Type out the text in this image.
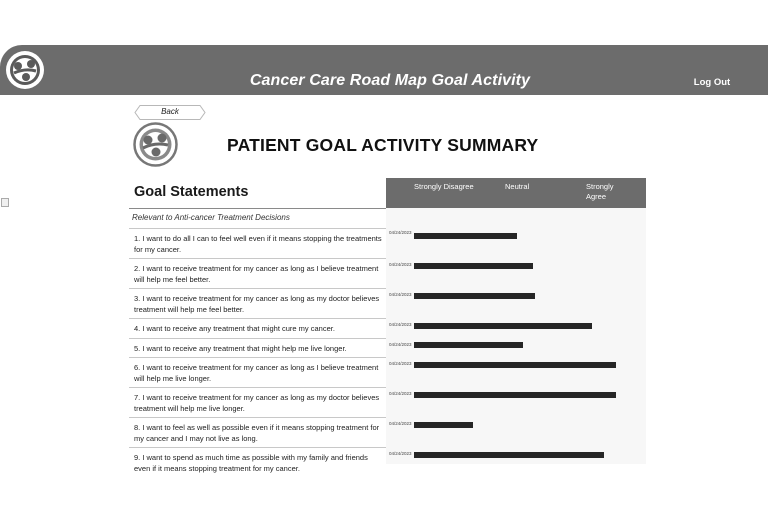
Cancer Care Road Map Goal Activity	Log Out
Back
PATIENT GOAL ACTIVITY SUMMARY
Goal Statements	Strongly Disagree	Neutral	Strongly Agree
Relevant to Anti-cancer Treatment Decisions
1. I want to do all I can to feel well even if it means stopping the treatments for my cancer.
04/24/2023
2. I want to receive treatment for my cancer as long as I believe treatment will help me feel better.
04/24/2023
3. I want to receive treatment for my cancer as long as my doctor believes treatment will help me feel better.
04/24/2023
4. I want to receive any treatment that might cure my cancer.	04/24/2023
5. I want to receive any treatment that might help me live longer.	04/24/2023
6. I want to receive treatment for my cancer as long as I believe treatment will help me live longer.
04/24/2023
7. I want to receive treatment for my cancer as long as my doctor believes treatment will help me live longer.
04/24/2023
8. I want to feel as well as possible even if it means stopping treatment for my cancer and I may not live as long.
04/24/2023
9. I want to spend as much time as possible with my family and friends even if it means stopping treatment for my cancer.
04/24/2023
